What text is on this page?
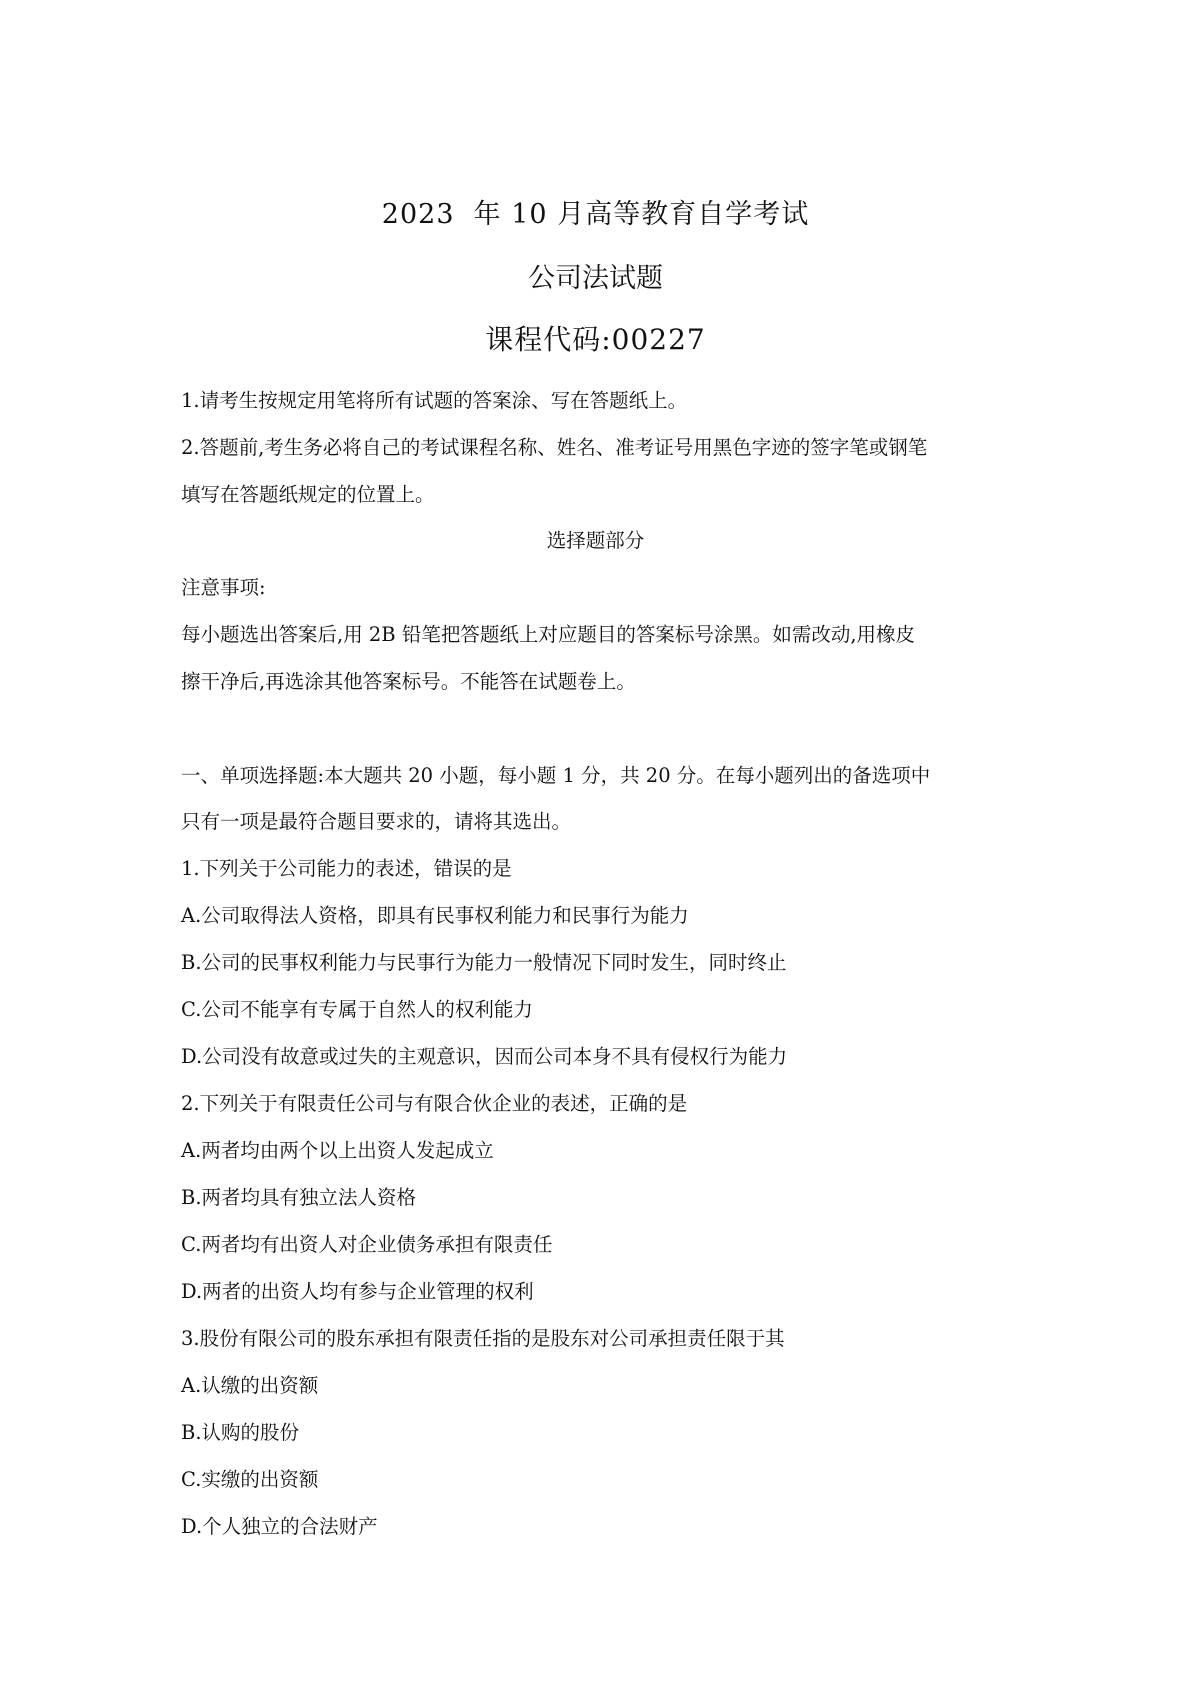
2023  年 10 月高等教育自学考试
公司法试题
课程代码:00227
1.请考生按规定用笔将所有试题的答案涂、写在答题纸上。
2.答题前,考生务必将自己的考试课程名称、姓名、准考证号用黑色字迹的签字笔或钢笔
填写在答题纸规定的位置上。
选择题部分
注意事项:
每小题选出答案后,用 2B 铅笔把答题纸上对应题目的答案标号涂黑。如需改动,用橡皮
擦干净后,再选涂其他答案标号。不能答在试题卷上。
一、单项选择题:本大题共 20 小题，每小题 1 分，共 20 分。在每小题列出的备选项中
只有一项是最符合题目要求的，请将其选出。
1.下列关于公司能力的表述，错误的是
A.公司取得法人资格，即具有民事权利能力和民事行为能力
B.公司的民事权利能力与民事行为能力一般情况下同时发生，同时终止
C.公司不能享有专属于自然人的权利能力
D.公司没有故意或过失的主观意识，因而公司本身不具有侵权行为能力
2.下列关于有限责任公司与有限合伙企业的表述，正确的是
A.两者均由两个以上出资人发起成立
B.两者均具有独立法人资格
C.两者均有出资人对企业债务承担有限责任
D.两者的出资人均有参与企业管理的权利
3.股份有限公司的股东承担有限责任指的是股东对公司承担责任限于其
A.认缴的出资额
B.认购的股份
C.实缴的出资额
D.个人独立的合法财产
